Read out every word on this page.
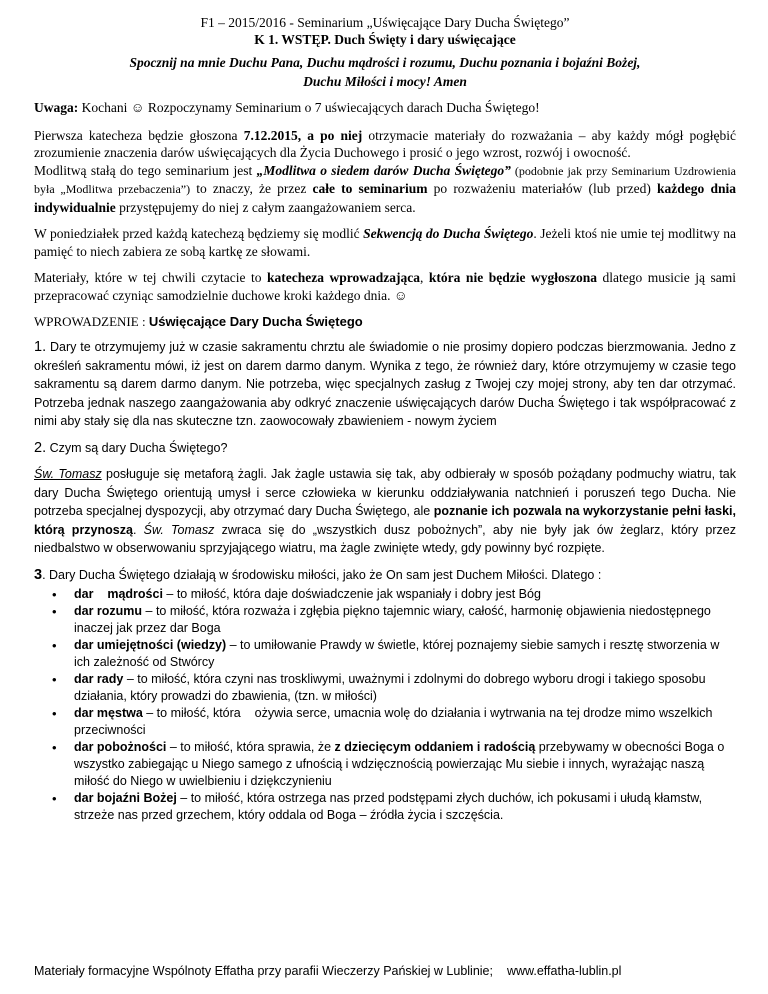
F1 – 2015/2016 - Seminarium „Uświęcające Dary Ducha Świętego”

K 1. WSTĘP. Duch Święty i dary uświęcające

Spocznij na mnie Duchu Pana, Duchu mądrości i rozumu, Duchu poznania i bojaźni Bożej,
Duchu Miłości i mocy! Amen

Uwaga: Kochani ☺ Rozpoczynamy Seminarium o 7 uświecających darach Ducha Świętego!

Pierwsza katecheza będzie głoszona 7.12.2015, a po niej otrzymacie materiały do rozważania – aby każdy mógł pogłębić zrozumienie znaczenia darów uświęcających dla Życia Duchowego i prosić o jego wzrost, rozwój i owocność.
Modlitwą stałą do tego seminarium jest „Modlitwa o siedem darów Ducha Świętego” (podobnie jak przy Seminarium Uzdrowienia była „Modlitwa przebaczenia”) to znaczy, że przez całe to seminarium po rozważeniu materiałów (lub przed) każdego dnia indywidualnie przystępujemy do niej z całym zaangażowaniem serca.

W poniedziałek przed każdą katechezą będziemy się modlić Sekwencją do Ducha Świętego. Jeżeli ktoś nie umie tej modlitwy na pamięć to niech zabiera ze sobą kartkę ze słowami.

Materiały, które w tej chwili czytacie to katecheza wprowadzająca, która nie będzie wygłoszona dlatego musicie ją sami przepracować czyniąc samodzielnie duchowe kroki każdego dnia. ☺

WPROWADZENIE : Uświęcające Dary Ducha Świętego

1. Dary te otrzymujemy już w czasie sakramentu chrztu ale świadomie o nie prosimy dopiero podczas bierzmowania. Jedno z określeń sakramentu mówi, iż jest on darem darmo danym. Wynika z tego, że również dary, które otrzymujemy w czasie tego sakramentu są darem darmo danym. Nie potrzeba, więc specjalnych zasług z Twojej czy mojej strony, aby ten dar otrzymać. Potrzeba jednak naszego zaangażowania aby odkryć znaczenie uświęcających darów Ducha Świętego i tak współpracować z nimi aby stały się dla nas skuteczne tzn. zaowocowały zbawieniem - nowym życiem

2. Czym są dary Ducha Świętego?

Św. Tomasz posługuje się metaforą żagli. Jak żagle ustawia się tak, aby odbierały w sposób pożądany podmuchy wiatru, tak dary Ducha Świętego orientują umysł i serce człowieka w kierunku oddziaływania natchnień i poruszeń tego Ducha. Nie potrzeba specjalnej dyspozycji, aby otrzymać dary Ducha Świętego, ale poznanie ich pozwala na wykorzystanie pełni łaski, którą przynoszą. Św. Tomasz zwraca się do „wszystkich dusz pobożnych”, aby nie były jak ów żeglarz, który przez niedbalstwo w obserwowaniu sprzyjającego wiatru, ma żagle zwinięte wtedy, gdy powinny być rozpięte.

3. Dary Ducha Świętego działają w środowisku miłości, jako że On sam jest Duchem Miłości. Dlatego :

• dar    mądrości – to miłość, która daje doświadczenie jak wspaniały i dobry jest Bóg
• dar rozumu – to miłość, która rozważa i zgłębia piękno tajemnic wiary, całość, harmonię objawienia niedostępnego inaczej jak przez dar Boga
• dar umiejętności (wiedzy) – to umiłowanie Prawdy w świetle, której poznajemy siebie samych i resztę stworzenia w ich zależność od Stwórcy
• dar rady – to miłość, która czyni nas troskliwymi, uważnymi i zdolnymi do dobrego wyboru drogi i takiego sposobu działania, który prowadzi do zbawienia, (tzn. w miłości)
• dar męstwa – to miłość, która    ożywia serce, umacnia wolę do działania i wytrwania na tej drodze mimo wszelkich przeciwności
• dar pobożności – to miłość, która sprawia, że z dziecięcym oddaniem i radością przebywamy w obecności Boga o wszystko zabiegając u Niego samego z ufnością i wdzięcznością powierzając Mu siebie i innych, wyrażając naszą miłość do Niego w uwielbieniu i dziękczynieniu
• dar bojaźni Bożej – to miłość, która ostrzega nas przed podstępami złych duchów, ich pokusami i ułudą kłamstw, strzeże nas przed grzechem, który oddala od Boga – źródła życia i szczęścia.
Materiały formacyjne Wspólnoty Effatha przy parafii Wieczerzy Pańskiej w Lublinie; www.effatha-lublin.pl
